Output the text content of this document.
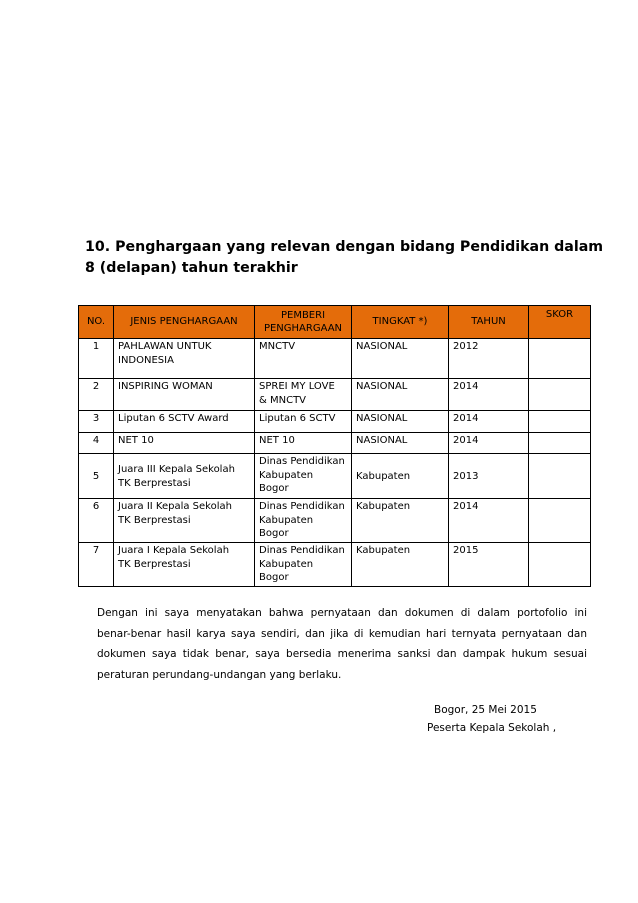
10. Penghargaan yang relevan dengan bidang Pendidikan dalam
8 (delapan) tahun terakhir
NO.	JENIS PENGHARGAAN	PEMBERI
PENGHARGAAN	TINGKAT *)	TAHUN	SKOR
1	PAHLAWAN UNTUK
INDONESIA	MNCTV	NASIONAL	2012	
2	INSPIRING WOMAN	SPREI MY LOVE
& MNCTV	NASIONAL	2014	
3	Liputan 6 SCTV Award	Liputan 6 SCTV	NASIONAL	2014	
4	NET 10	NET 10	NASIONAL	2014	
5	Juara III Kepala Sekolah
TK Berprestasi	Dinas Pendidikan
Kabupaten
Bogor	Kabupaten	2013	
6	Juara II Kepala Sekolah
TK Berprestasi	Dinas Pendidikan
Kabupaten
Bogor	Kabupaten	2014	
7	Juara I Kepala Sekolah
TK Berprestasi	Dinas Pendidikan
Kabupaten
Bogor	Kabupaten	2015	
Dengan ini saya menyatakan bahwa pernyataan dan dokumen di dalam portofolio ini
benar-benar hasil karya saya sendiri, dan jika di kemudian hari ternyata pernyataan dan
dokumen saya tidak benar, saya bersedia menerima sanksi dan dampak hukum sesuai
peraturan perundang-undangan yang berlaku.
Bogor, 25 Mei 2015
Peserta Kepala Sekolah ,
